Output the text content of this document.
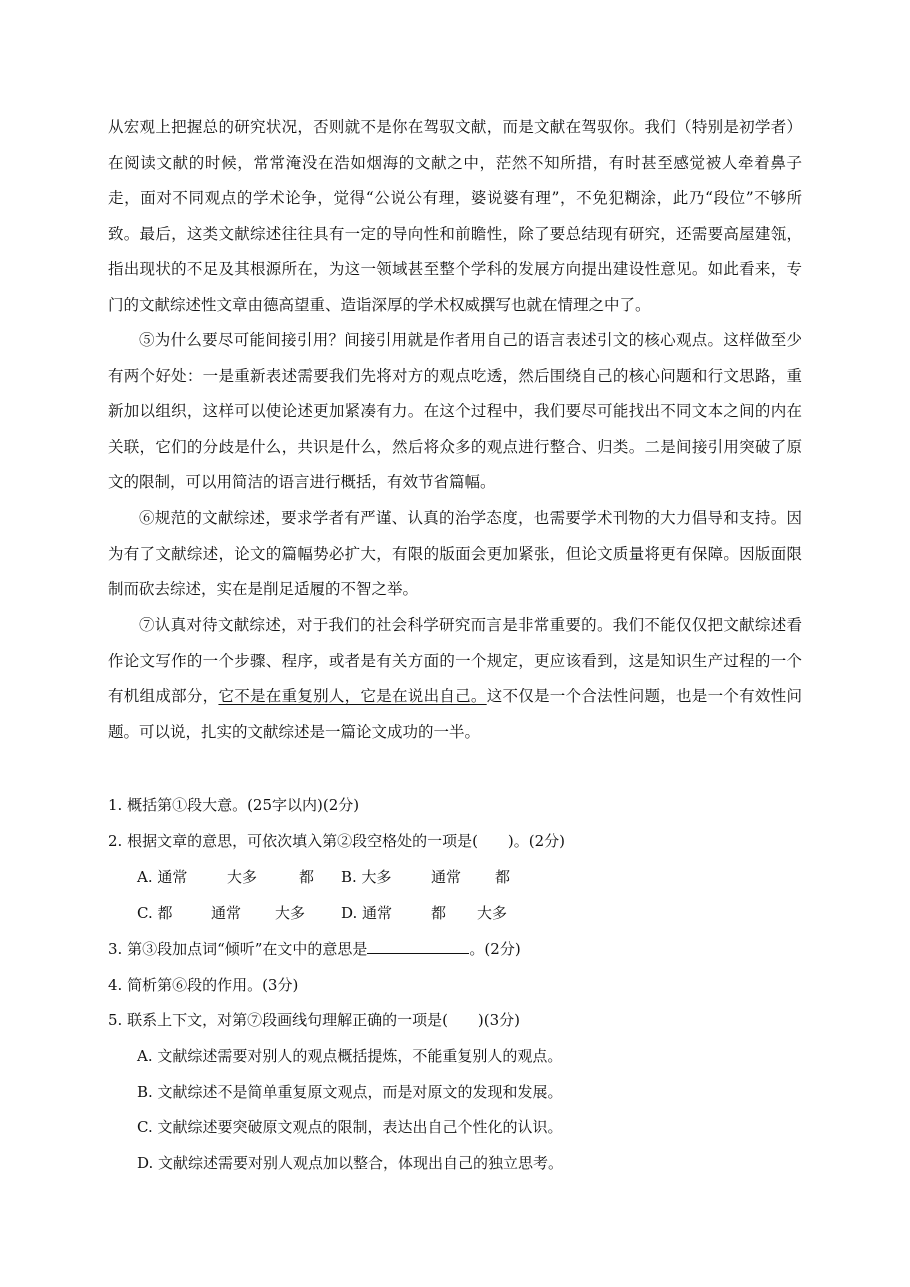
从宏观上把握总的研究状况，否则就不是你在驾驭文献，而是文献在驾驭你。我们（特别是初学者）在阅读文献的时候，常常淹没在浩如烟海的文献之中，茫然不知所措，有时甚至感觉被人牵着鼻子走，面对不同观点的学术论争，觉得“公说公有理，婆说婆有理”，不免犯糊涂，此乃“段位”不够所致。最后，这类文献综述往往具有一定的导向性和前瞻性，除了要总结现有研究，还需要高屋建瓴，指出现状的不足及其根源所在，为这一领域甚至整个学科的发展方向提出建设性意见。如此看来，专门的文献综述性文章由德高望重、造诣深厚的学术权威撰写也就在情理之中了。

⑤为什么要尽可能间接引用？间接引用就是作者用自己的语言表述引文的核心观点。这样做至少有两个好处：一是重新表述需要我们先将对方的观点吃透，然后围绕自己的核心问题和行文思路，重新加以组织，这样可以使论述更加紧凑有力。在这个过程中，我们要尽可能找出不同文本之间的内在关联，它们的分歧是什么，共识是什么，然后将众多的观点进行整合、归类。二是间接引用突破了原文的限制，可以用简洁的语言进行概括，有效节省篇幅。

⑥规范的文献综述，要求学者有严谨、认真的治学态度，也需要学术刊物的大力倡导和支持。因为有了文献综述，论文的篇幅势必扩大，有限的版面会更加紧张，但论文质量将更有保障。因版面限制而砍去综述，实在是削足适履的不智之举。

⑦认真对待文献综述，对于我们的社会科学研究而言是非常重要的。我们不能仅仅把文献综述看作论文写作的一个步骤、程序，或者是有关方面的一个规定，更应该看到，这是知识生产过程的一个有机组成部分，它不是在重复别人，它是在说出自己。这不仅是一个合法性问题，也是一个有效性问题。可以说，扎实的文献综述是一篇论文成功的一半。

1. 概括第①段大意。(25字以内)(2分)

2. 根据文章的意思，可依次填入第②段空格处的一项是(　　)。(2分)

A. 通常	大多	都 B. 大多	通常 都

C. 都	通常 大多 D. 通常	都 大多

3. 第③段加点词“倾听”在文中的意思是	。(2分)

4. 简析第⑥段的作用。(3分)

5. 联系上下文，对第⑦段画线句理解正确的一项是(　　)(3分)

A. 文献综述需要对别人的观点概括提炼，不能重复别人的观点。

B. 文献综述不是简单重复原文观点，而是对原文的发现和发展。

C. 文献综述要突破原文观点的限制，表达出自己个性化的认识。

D. 文献综述需要对别人观点加以整合，体现出自己的独立思考。
